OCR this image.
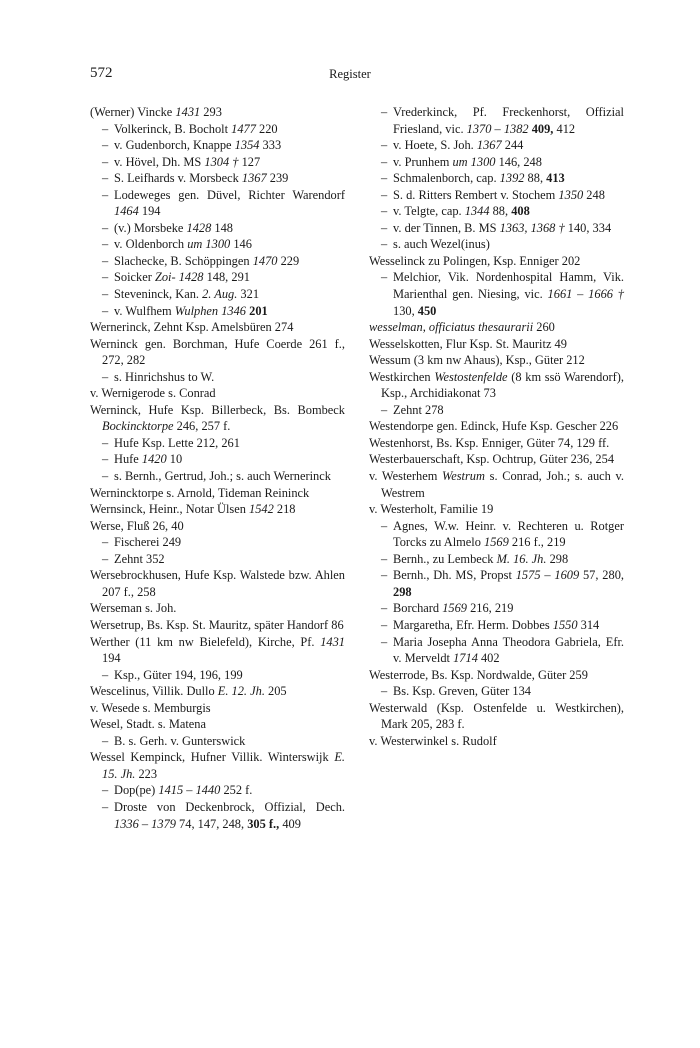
572	Register
(Werner) Vincke 1431 293
– Volkerinck, B. Bocholt 1477 220
– v. Gudenborch, Knappe 1354 333
– v. Hövel, Dh. MS 1304 † 127
– S. Leifhards v. Morsbeck 1367 239
– Lodeweges gen. Düvel, Richter Warendorf 1464 194
– (v.) Morsbeke 1428 148
– v. Oldenborch um 1300 146
– Slachecke, B. Schöppingen 1470 229
– Soicker Zoi- 1428 148, 291
– Steveninck, Kan. 2. Aug. 321
– v. Wulfhem Wulphen 1346 201
Wernerinck, Zehnt Ksp. Amelsbüren 274
Werninck gen. Borchman, Hufe Coerde 261 f., 272, 282
– s. Hinrichshus to W.
v. Wernigerode s. Conrad
Werninck, Hufe Ksp. Billerbeck, Bs. Bombeck Bockincktorpe 246, 257 f.
– Hufe Ksp. Lette 212, 261
– Hufe 1420 10
– s. Bernh., Gertrud, Joh.; s. auch Wernerinck
Wernincktorpe s. Arnold, Tideman Reininck
Wernsinck, Heinr., Notar Ülsen 1542 218
Werse, Fluß 26, 40
– Fischerei 249
– Zehnt 352
Wersebrockhusen, Hufe Ksp. Walstede bzw. Ahlen 207 f., 258
Werseman s. Joh.
Wersetrup, Bs. Ksp. St. Mauritz, später Handorf 86
Werther (11 km nw Bielefeld), Kirche, Pf. 1431 194
– Ksp., Güter 194, 196, 199
Wescelinus, Villik. Dullo E. 12. Jh. 205
v. Wesede s. Memburgis
Wesel, Stadt. s. Matena
– B. s. Gerh. v. Gunterswick
Wessel Kempinck, Hufner Villik. Winterswijk E. 15. Jh. 223
– Dop(pe) 1415 – 1440 252 f.
– Droste von Deckenbrock, Offizial, Dech. 1336 – 1379 74, 147, 248, 305 f., 409
– Vrederkinck, Pf. Freckenhorst, Offizial Friesland, vic. 1370 – 1382 409, 412
– v. Hoete, S. Joh. 1367 244
– v. Prunhem um 1300 146, 248
– Schmalenborch, cap. 1392 88, 413
– S. d. Ritters Rembert v. Stochem 1350 248
– v. Telgte, cap. 1344 88, 408
– v. der Tinnen, B. MS 1363, 1368 † 140, 334
– s. auch Wezel(inus)
Wesselinck zu Polingen, Ksp. Enniger 202
– Melchior, Vik. Nordenhospital Hamm, Vik. Marienthal gen. Niesing, vic. 1661 – 1666 † 130, 450
wesselman, officiatus thesaurarii 260
Wesselskotten, Flur Ksp. St. Mauritz 49
Wessum (3 km nw Ahaus), Ksp., Güter 212
Westkirchen Westostenfelde (8 km ssö Warendorf), Ksp., Archidiakonat 73
– Zehnt 278
Westendorpe gen. Edinck, Hufe Ksp. Gescher 226
Westenhorst, Bs. Ksp. Enniger, Güter 74, 129 ff.
Westerbauerschaft, Ksp. Ochtrup, Güter 236, 254
v. Westerhem Westrum s. Conrad, Joh.; s. auch v. Westrem
v. Westerholt, Familie 19
– Agnes, W.w. Heinr. v. Rechteren u. Rotger Torcks zu Almelo 1569 216 f., 219
– Bernh., zu Lembeck M. 16. Jh. 298
– Bernh., Dh. MS, Propst 1575 – 1609 57, 280, 298
– Borchard 1569 216, 219
– Margaretha, Efr. Herm. Dobbes 1550 314
– Maria Josepha Anna Theodora Gabriela, Efr. v. Merveldt 1714 402
Westerrode, Bs. Ksp. Nordwalde, Güter 259
– Bs. Ksp. Greven, Güter 134
Westerwald (Ksp. Ostenfelde u. Westkirchen), Mark 205, 283 f.
v. Westerwinkel s. Rudolf
